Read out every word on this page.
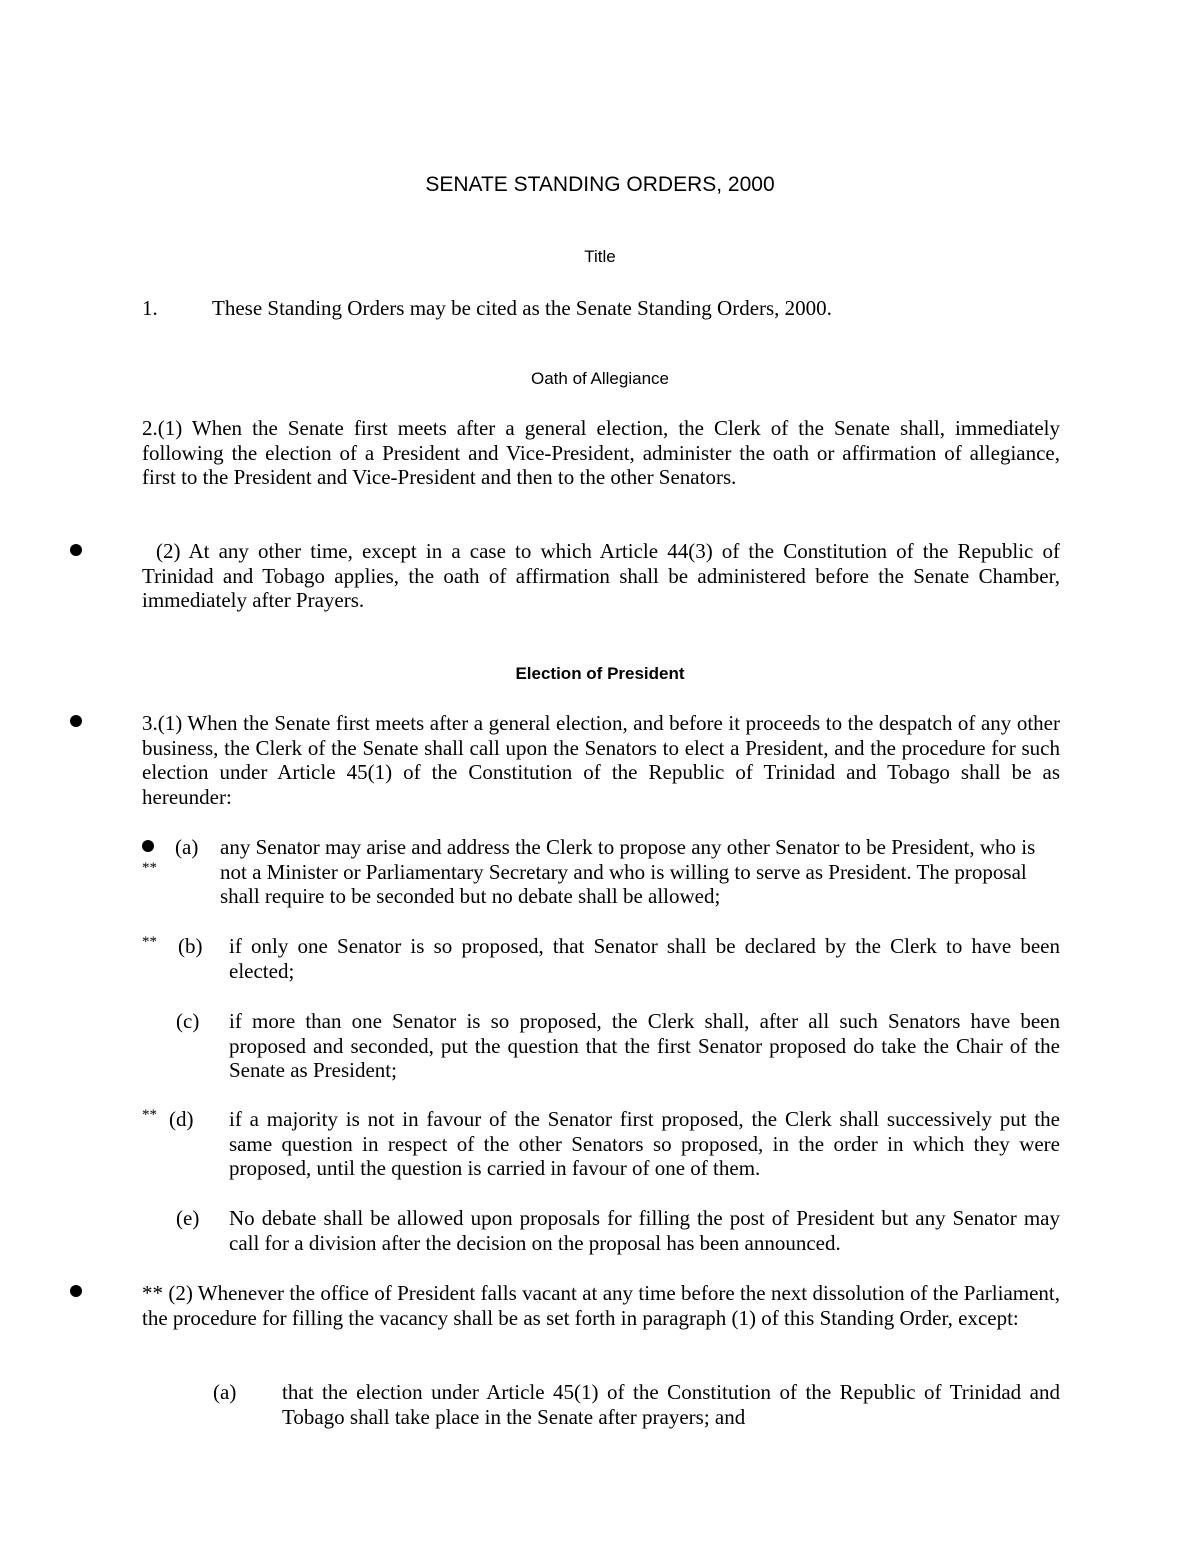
SENATE STANDING ORDERS, 2000
Title
1.	These Standing Orders may be cited as the Senate Standing Orders, 2000.
Oath of Allegiance
2.(1) When the Senate first meets after a general election, the Clerk of the Senate shall, immediately following the election of a President and Vice-President, administer the oath or affirmation of allegiance, first to the President and Vice-President and then to the other Senators.
(2) At any other time, except in a case to which Article 44(3) of the Constitution of the Republic of Trinidad and Tobago applies, the oath of affirmation shall be administered before the Senate Chamber, immediately after Prayers.
Election of President
3.(1) When the Senate first meets after a general election, and before it proceeds to the despatch of any other business, the Clerk of the Senate shall call upon the Senators to elect a President, and the procedure for such election under Article 45(1) of the Constitution of the Republic of Trinidad and Tobago shall be as hereunder:
**
(a) any Senator may arise and address the Clerk to propose any other Senator to be President, who is not a Minister or Parliamentary Secretary and who is willing to serve as President. The proposal shall require to be seconded but no debate shall be allowed;
** (b) if only one Senator is so proposed, that Senator shall be declared by the Clerk to have been elected;
(c) if more than one Senator is so proposed, the Clerk shall, after all such Senators have been proposed and seconded, put the question that the first Senator proposed do take the Chair of the Senate as President;
** (d) if a majority is not in favour of the Senator first proposed, the Clerk shall successively put the same question in respect of the other Senators so proposed, in the order in which they were proposed, until the question is carried in favour of one of them.
(e) No debate shall be allowed upon proposals for filling the post of President but any Senator may call for a division after the decision on the proposal has been announced.
** (2) Whenever the office of President falls vacant at any time before the next dissolution of the Parliament, the procedure for filling the vacancy shall be as set forth in paragraph (1) of this Standing Order, except:
(a) that the election under Article 45(1) of the Constitution of the Republic of Trinidad and Tobago shall take place in the Senate after prayers; and
